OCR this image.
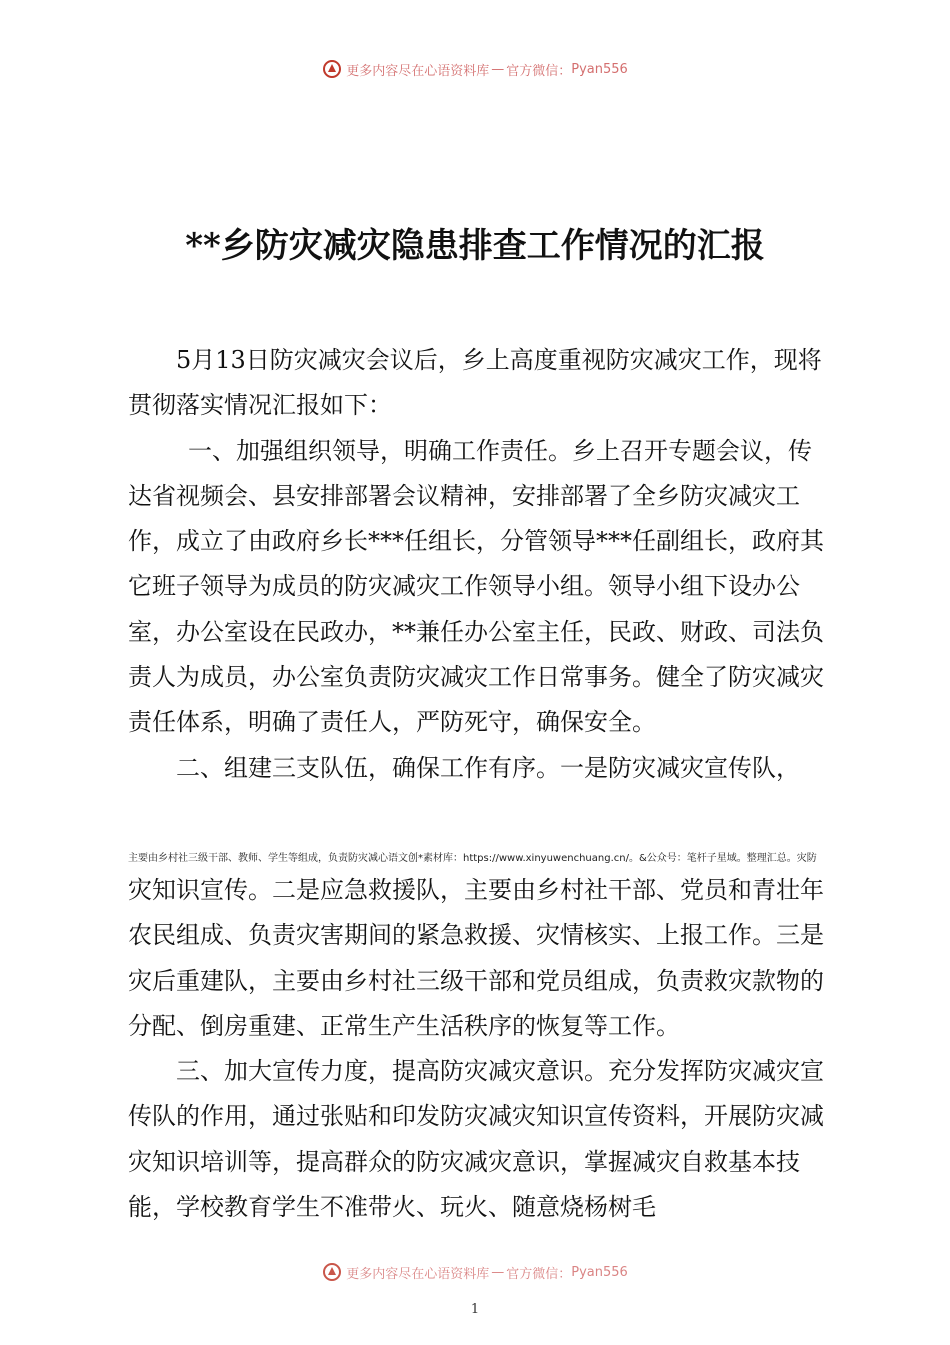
更多内容尽在心语资料库 — 官方微信： Pyan556
**乡防灾减灾隐患排查工作情况的汇报

5月13日防灾减灾会议后，乡上高度重视防灾减灾工作，现将贯彻落实情况汇报如下：

一、加强组织领导，明确工作责任。乡上召开专题会议，传达省视频会、县安排部署会议精神，安排部署了全乡防灾减灾工作，成立了由政府乡长***任组长，分管领导***任副组长，政府其它班子领导为成员的防灾减灾工作领导小组。领导小组下设办公室，办公室设在民政办，**兼任办公室主任，民政、财政、司法负责人为成员，办公室负责防灾减灾工作日常事务。健全了防灾减灾责任体系，明确了责任人，严防死守，确保安全。

二、组建三支队伍，确保工作有序。一是防灾减灾宣传队，

主要由乡村社三级干部、教师、学生等组成，负责防灾减心语文创*素材库：https://www.xinyuwenchuang.cn/。&公众号：笔杆子星域。整理汇总。灾防

灾知识宣传。二是应急救援队，主要由乡村社干部、党员和青壮年农民组成、负责灾害期间的紧急救援、灾情核实、上报工作。三是灾后重建队，主要由乡村社三级干部和党员组成，负责救灾款物的分配、倒房重建、正常生产生活秩序的恢复等工作。

三、加大宣传力度，提高防灾减灾意识。充分发挥防灾减灾宣传队的作用，通过张贴和印发防灾减灾知识宣传资料，开展防灾减灾知识培训等，提高群众的防灾减灾意识，掌握减灾自救基本技能，学校教育学生不准带火、玩火、随意烧杨树毛

更多内容尽在心语资料库 — 官方微信： Pyan556
1
